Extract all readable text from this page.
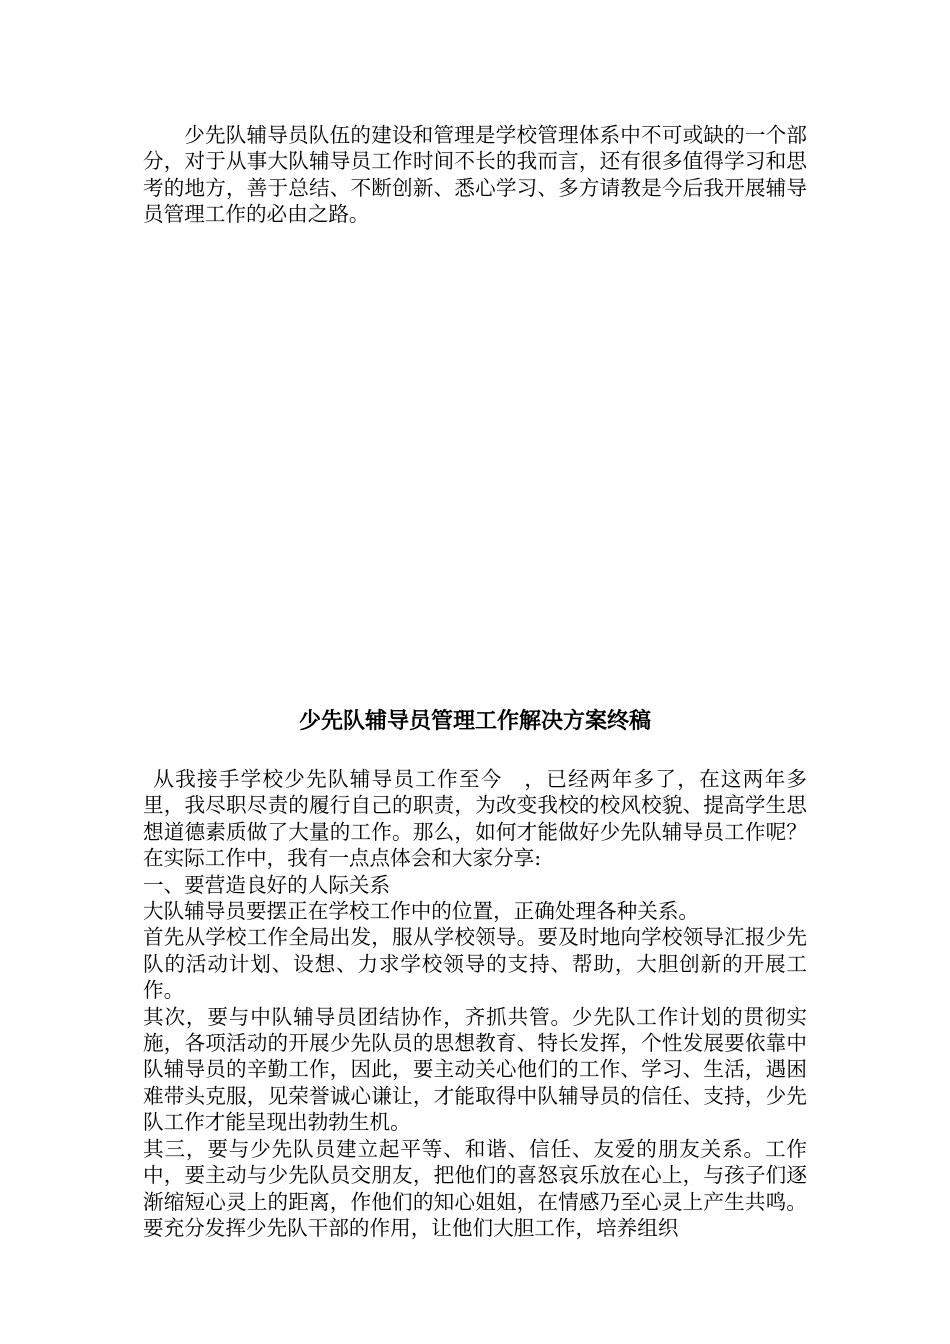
少先队辅导员队伍的建设和管理是学校管理体系中不可或缺的一个部分，对于从事大队辅导员工作时间不长的我而言，还有很多值得学习和思考的地方，善于总结、不断创新、悉心学习、多方请教是今后我开展辅导员管理工作的必由之路。
少先队辅导员管理工作解决方案终稿

从我接手学校少先队辅导员工作至今　，已经两年多了，在这两年多里，我尽职尽责的履行自己的职责，为改变我校的校风校貌、提高学生思想道德素质做了大量的工作。那么，如何才能做好少先队辅导员工作呢？在实际工作中，我有一点点体会和大家分享:

一、要营造良好的人际关系

大队辅导员要摆正在学校工作中的位置，正确处理各种关系。

首先从学校工作全局出发，服从学校领导。要及时地向学校领导汇报少先队的活动计划、设想、力求学校领导的支持、帮助，大胆创新的开展工作。

其次，要与中队辅导员团结协作，齐抓共管。少先队工作计划的贯彻实施，各项活动的开展少先队员的思想教育、特长发挥，个性发展要依靠中队辅导员的辛勤工作，因此，要主动关心他们的工作、学习、生活，遇困难带头克服，见荣誉诚心谦让，才能取得中队辅导员的信任、支持，少先队工作才能呈现出勃勃生机。

其三，要与少先队员建立起平等、和谐、信任、友爱的朋友关系。工作中，要主动与少先队员交朋友，把他们的喜怒哀乐放在心上，与孩子们逐渐缩短心灵上的距离，作他们的知心姐姐，在情感乃至心灵上产生共鸣。要充分发挥少先队干部的作用，让他们大胆工作，培养组织
